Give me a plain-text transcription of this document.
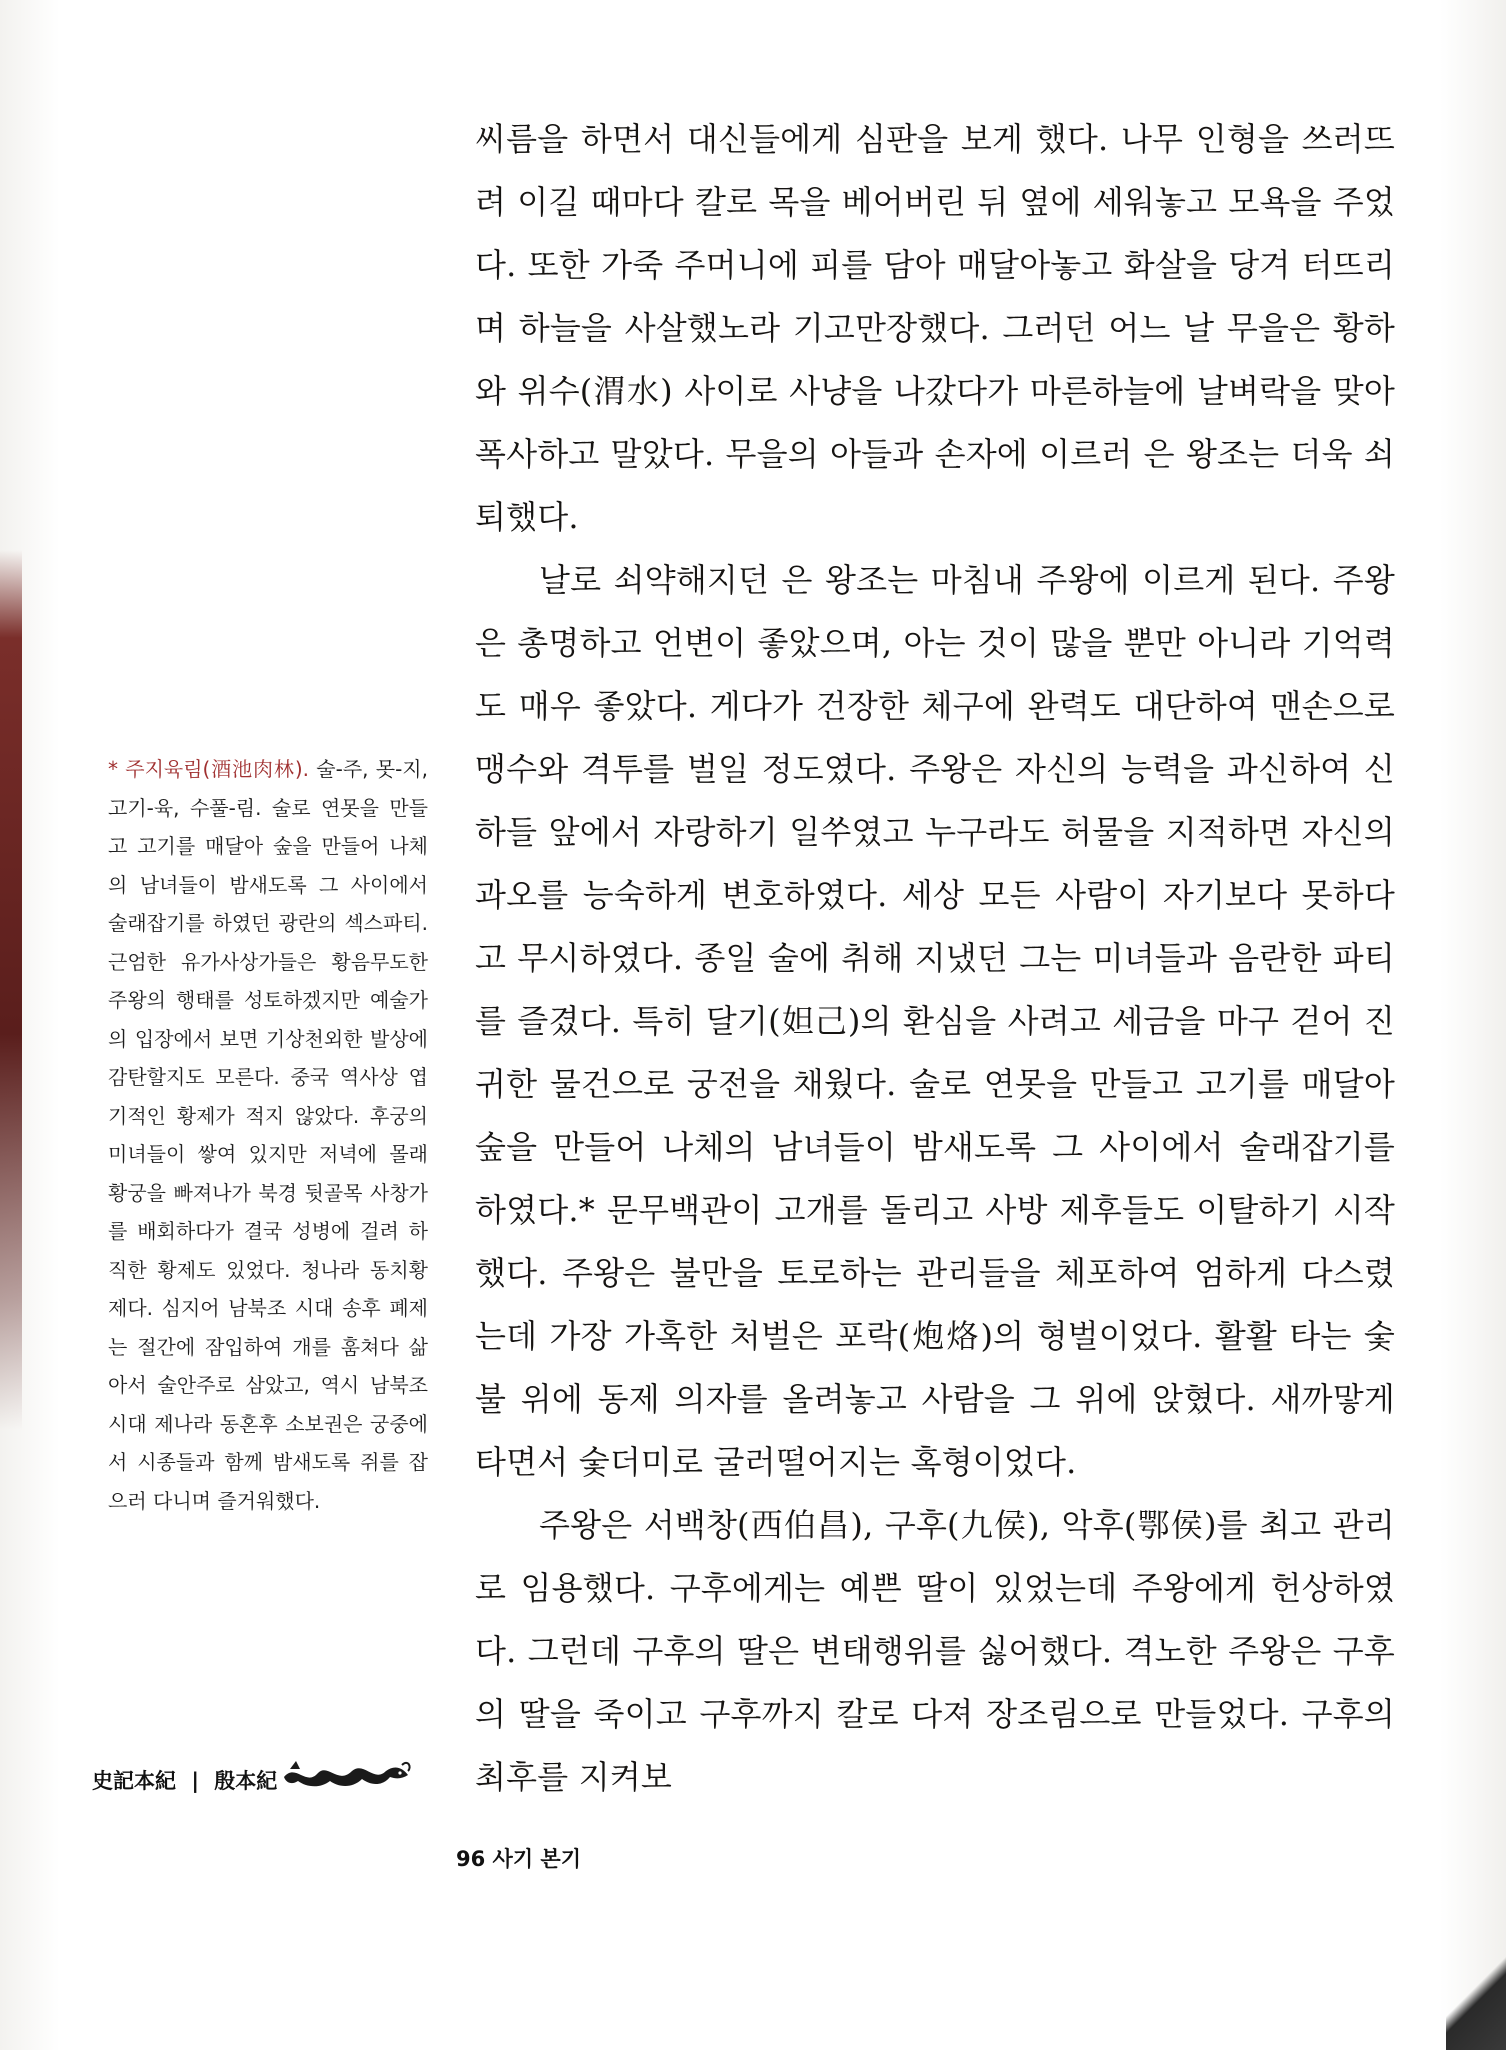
씨름을 하면서 대신들에게 심판을 보게 했다. 나무 인형을 쓰러뜨려 이길 때마다 칼로 목을 베어버린 뒤 옆에 세워놓고 모욕을 주었다. 또한 가죽 주머니에 피를 담아 매달아놓고 화살을 당겨 터뜨리며 하늘을 사살했노라 기고만장했다. 그러던 어느 날 무을은 황하와 위수(渭水) 사이로 사냥을 나갔다가 마른하늘에 날벼락을 맞아 폭사하고 말았다. 무을의 아들과 손자에 이르러 은 왕조는 더욱 쇠퇴했다.

날로 쇠약해지던 은 왕조는 마침내 주왕에 이르게 된다. 주왕은 총명하고 언변이 좋았으며, 아는 것이 많을 뿐만 아니라 기억력도 매우 좋았다. 게다가 건장한 체구에 완력도 대단하여 맨손으로 맹수와 격투를 벌일 정도였다. 주왕은 자신의 능력을 과신하여 신하들 앞에서 자랑하기 일쑤였고 누구라도 허물을 지적하면 자신의 과오를 능숙하게 변호하였다. 세상 모든 사람이 자기보다 못하다고 무시하였다. 종일 술에 취해 지냈던 그는 미녀들과 음란한 파티를 즐겼다. 특히 달기(妲己)의 환심을 사려고 세금을 마구 걷어 진귀한 물건으로 궁전을 채웠다. 술로 연못을 만들고 고기를 매달아 숲을 만들어 나체의 남녀들이 밤새도록 그 사이에서 술래잡기를 하였다.* 문무백관이 고개를 돌리고 사방 제후들도 이탈하기 시작했다. 주왕은 불만을 토로하는 관리들을 체포하여 엄하게 다스렸는데 가장 가혹한 처벌은 포락(炮烙)의 형벌이었다. 활활 타는 숯불 위에 동제 의자를 올려놓고 사람을 그 위에 앉혔다. 새까맣게 타면서 숯더미로 굴러떨어지는 혹형이었다.

주왕은 서백창(西伯昌), 구후(九侯), 악후(鄂侯)를 최고 관리로 임용했다. 구후에게는 예쁜 딸이 있었는데 주왕에게 헌상하였다. 그런데 구후의 딸은 변태행위를 싫어했다. 격노한 주왕은 구후의 딸을 죽이고 구후까지 칼로 다져 장조림으로 만들었다. 구후의 최후를 지켜보

* 주지육림(酒池肉林). 술-주, 못-지, 고기-육, 수풀-림. 술로 연못을 만들고 고기를 매달아 숲을 만들어 나체의 남녀들이 밤새도록 그 사이에서 술래잡기를 하였던 광란의 섹스파티. 근엄한 유가사상가들은 황음무도한 주왕의 행태를 성토하겠지만 예술가의 입장에서 보면 기상천외한 발상에 감탄할지도 모른다. 중국 역사상 엽기적인 황제가 적지 않았다. 후궁의 미녀들이 쌓여 있지만 저녁에 몰래 황궁을 빠져나가 북경 뒷골목 사창가를 배회하다가 결국 성병에 걸려 하직한 황제도 있었다. 청나라 동치황제다. 심지어 남북조 시대 송후 폐제는 절간에 잠입하여 개를 훔쳐다 삶아서 술안주로 삼았고, 역시 남북조 시대 제나라 동혼후 소보권은 궁중에서 시종들과 함께 밤새도록 쥐를 잡으러 다니며 즐거워했다.
史記本紀 | 殷本紀
96 사기 본기
